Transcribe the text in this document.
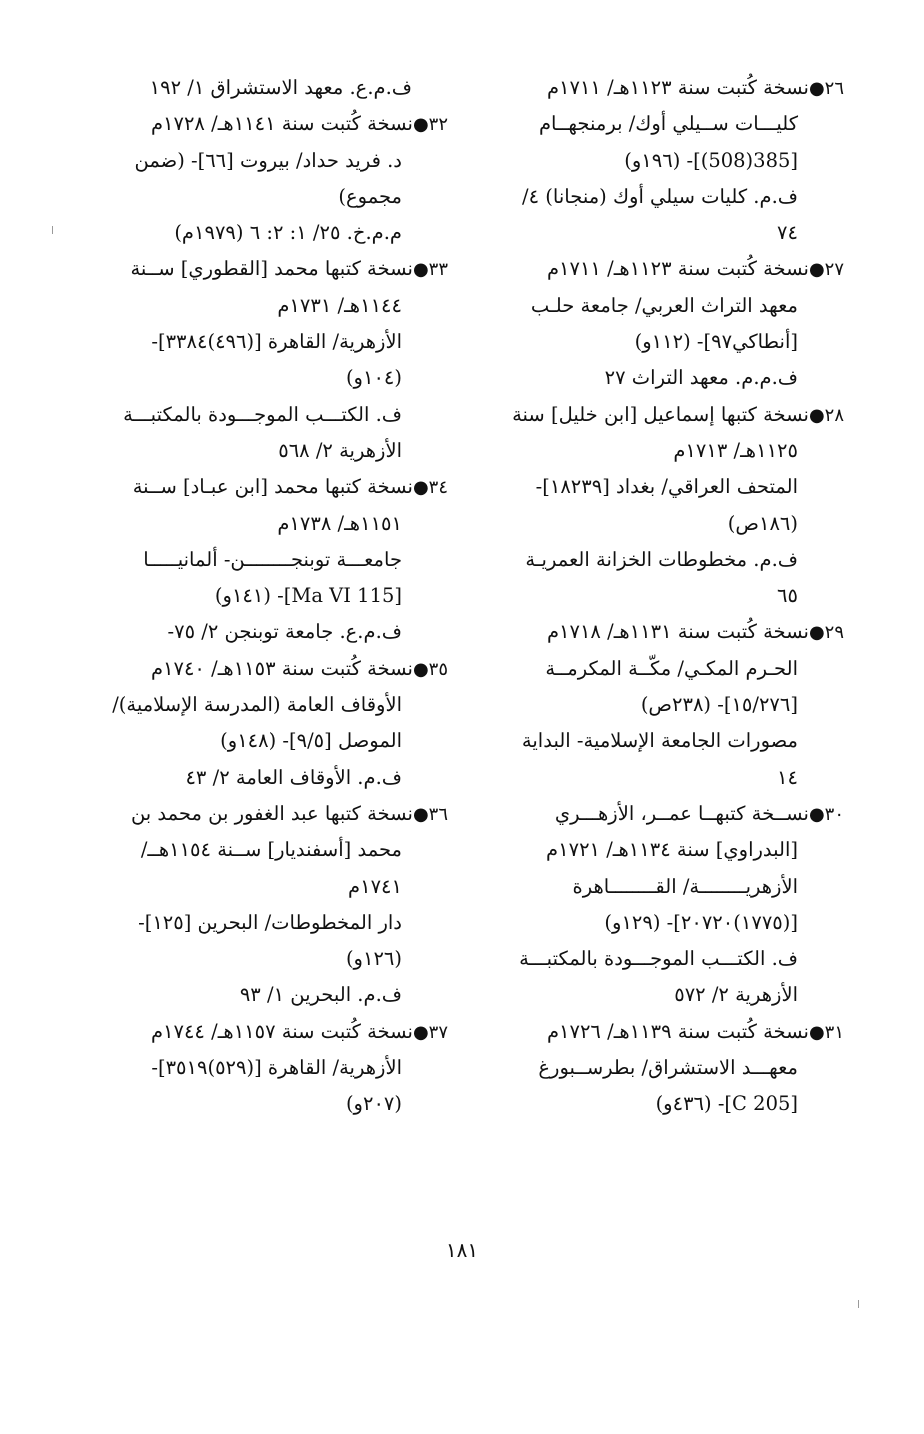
٢٦●نسخة كُتبت سنة ١١٢٣هـ/ ١٧١١م
كليـــات ســيلي أوك/ برمنجهــام
[385(508)]- (١٩٦و)
ف.م. كليات سيلي أوك (منجانا) ٤/
٧٤
٢٧●نسخة كُتبت سنة ١١٢٣هـ/ ١٧١١م
معهد التراث العربي/ جامعة حلـب
[أنطاكي٩٧]- (١١٢و)
ف.م.م. معهد التراث ٢٧
٢٨●نسخة كتبها إسماعيل [ابن خليل] سنة
١١٢٥هـ/ ١٧١٣م
المتحف العراقي/ بغداد [١٨٢٣٩]-
(١٨٦ص)
ف.م. مخطوطات الخزانة العمريـة
٦٥
٢٩●نسخة كُتبت سنة ١١٣١هـ/ ١٧١٨م
الحـرم المكـي/ مكّــة المكرمــة
[١٥/٢٧٦]- (٢٣٨ص)
مصورات الجامعة الإسلامية- البداية
١٤
٣٠●نســخة كتبهــا عمــر، الأزهـــري
[البدراوي] سنة ١١٣٤هـ/ ١٧٢١م
الأزهريــــــــة/ القــــــــاهرة
[(١٧٧٥)٢٠٧٢٠]- (١٢٩و)
ف. الكتـــب الموجـــودة بالمكتبـــة
الأزهرية ٢/ ٥٧٢
٣١●نسخة كُتبت سنة ١١٣٩هـ/ ١٧٢٦م
معهـــد الاستشراق/ بطرســبورغ
[C 205]- (٤٣٦و)
ف.م.ع. معهد الاستشراق ١/ ١٩٢
٣٢●نسخة كُتبت سنة ١١٤١هـ/ ١٧٢٨م
د. فريد حداد/ بيروت [٦٦]- (ضمن
مجموع)
م.م.خ. ٢٥/ ١: ٢: ٦ (١٩٧٩م)
٣٣●نسخة كتبها محمد [القطوري] ســنة
١١٤٤هـ/ ١٧٣١م
الأزهرية/ القاهرة [(٤٩٦)٣٣٨٤]-
(١٠٤و)
ف. الكتـــب الموجـــودة بالمكتبـــة
الأزهرية ٢/ ٥٦٨
٣٤●نسخة كتبها محمد [ابن عبـاد] ســنة
١١٥١هـ/ ١٧٣٨م
جامعـــة توبنجــــــــن- ألمانيـــــا
[Ma VI 115]- (١٤١و)
ف.م.ع. جامعة توبنجن ٢/ ٧٥-
٣٥●نسخة كُتبت سنة ١١٥٣هـ/ ١٧٤٠م
الأوقاف العامة (المدرسة الإسلامية)/
الموصل [٩/٥]- (١٤٨و)
ف.م. الأوقاف العامة ٢/ ٤٣
٣٦●نسخة كتبها عبد الغفور بن محمد بن
محمد [أسفنديار] ســنة ١١٥٤هــ/
١٧٤١م
دار المخطوطات/ البحرين [١٢٥]-
(١٢٦و)
ف.م. البحرين ١/ ٩٣
٣٧●نسخة كُتبت سنة ١١٥٧هـ/ ١٧٤٤م
الأزهرية/ القاهرة [(٥٢٩)٣٥١٩]-
(٢٠٧و)
١٨١
